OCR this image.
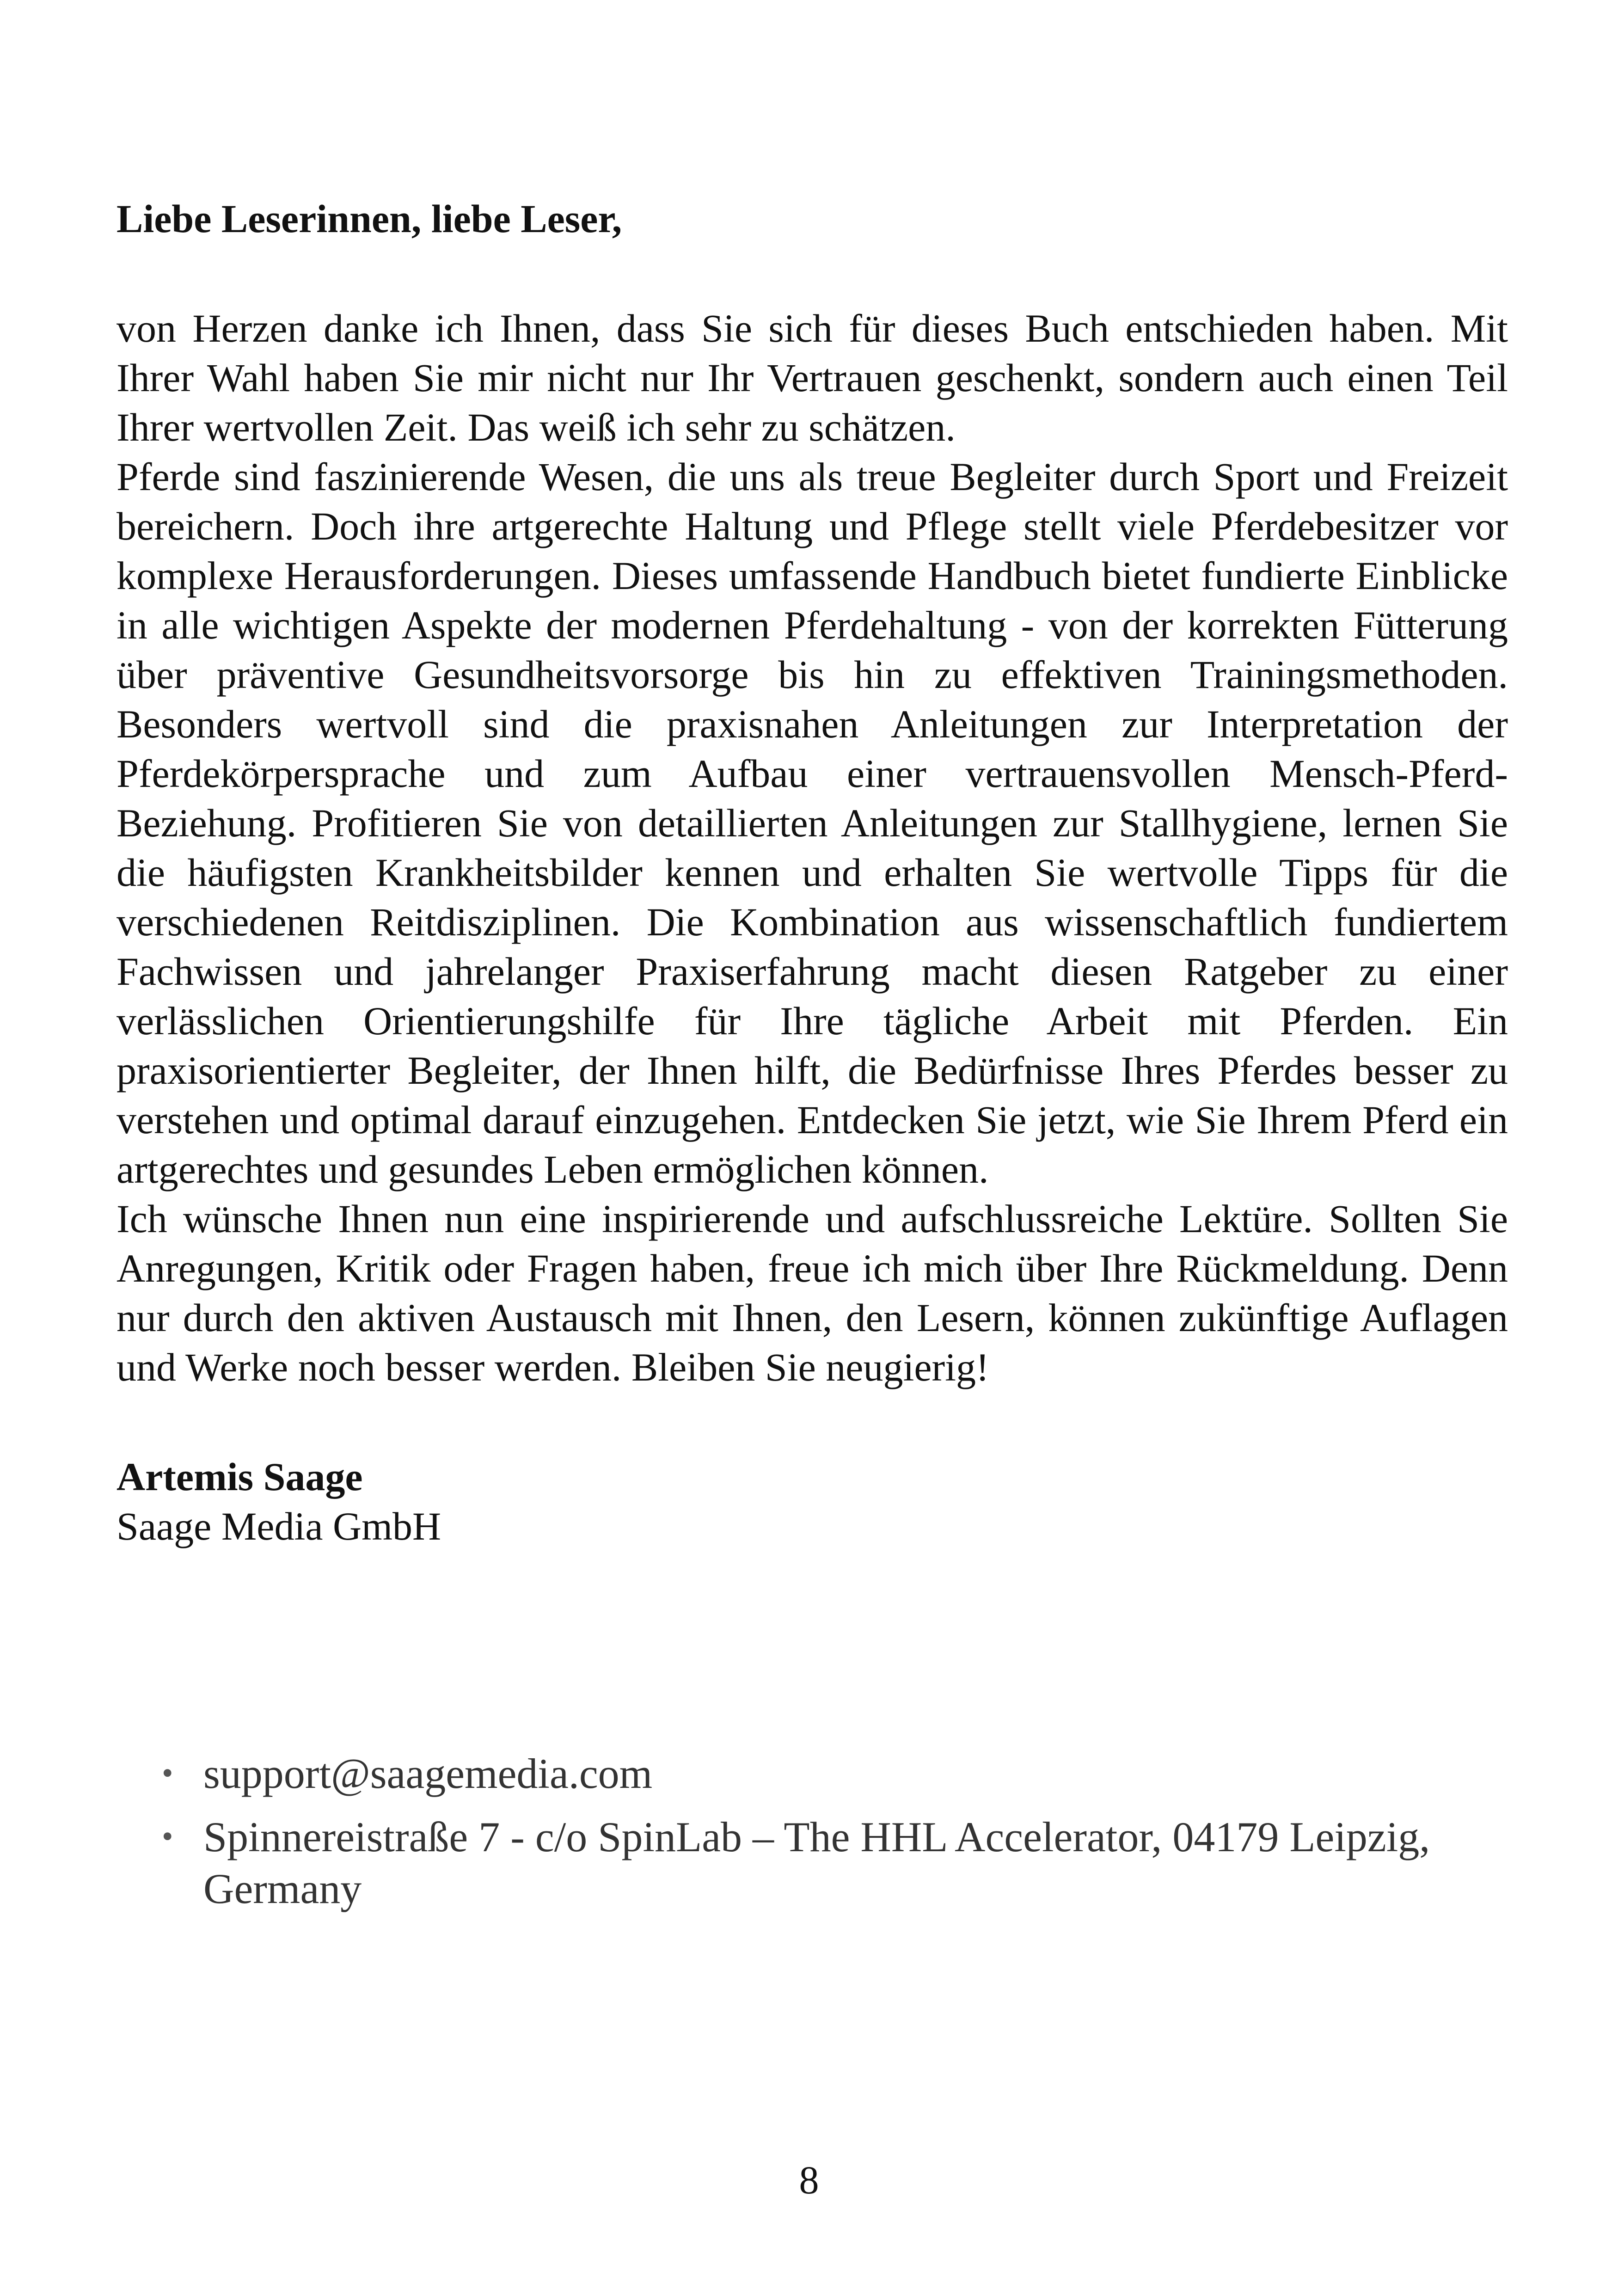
Liebe Leserinnen, liebe Leser,

von Herzen danke ich Ihnen, dass Sie sich für dieses Buch entschieden haben. Mit Ihrer Wahl haben Sie mir nicht nur Ihr Vertrauen geschenkt, sondern auch einen Teil Ihrer wertvollen Zeit. Das weiß ich sehr zu schätzen.

Pferde sind faszinierende Wesen, die uns als treue Begleiter durch Sport und Freizeit bereichern. Doch ihre artgerechte Haltung und Pflege stellt viele Pferdebesitzer vor komplexe Herausforderungen. Dieses umfassende Handbuch bietet fundierte Einblicke in alle wichtigen Aspekte der modernen Pferdehaltung - von der korrekten Fütterung über präventive Gesundheitsvorsorge bis hin zu effektiven Trainingsmethoden. Besonders wertvoll sind die praxisnahen Anleitungen zur Interpretation der Pferdekörpersprache und zum Aufbau einer vertrauensvollen Mensch-Pferd-Beziehung. Profitieren Sie von detaillierten Anleitungen zur Stallhygiene, lernen Sie die häufigsten Krankheitsbilder kennen und erhalten Sie wertvolle Tipps für die verschiedenen Reitdisziplinen. Die Kombination aus wissenschaftlich fundiertem Fachwissen und jahrelanger Praxiserfahrung macht diesen Ratgeber zu einer verlässlichen Orientierungshilfe für Ihre tägliche Arbeit mit Pferden. Ein praxisorientierter Begleiter, der Ihnen hilft, die Bedürfnisse Ihres Pferdes besser zu verstehen und optimal darauf einzugehen. Entdecken Sie jetzt, wie Sie Ihrem Pferd ein artgerechtes und gesundes Leben ermöglichen können.

Ich wünsche Ihnen nun eine inspirierende und aufschlussreiche Lektüre. Sollten Sie Anregungen, Kritik oder Fragen haben, freue ich mich über Ihre Rückmeldung. Denn nur durch den aktiven Austausch mit Ihnen, den Lesern, können zukünftige Auflagen und Werke noch besser werden. Bleiben Sie neugierig!

Artemis Saage

Saage Media GmbH

• support@saagemedia.com
• Spinnereistraße 7 - c/o SpinLab – The HHL Accelerator, 04179 Leipzig, Germany
8
